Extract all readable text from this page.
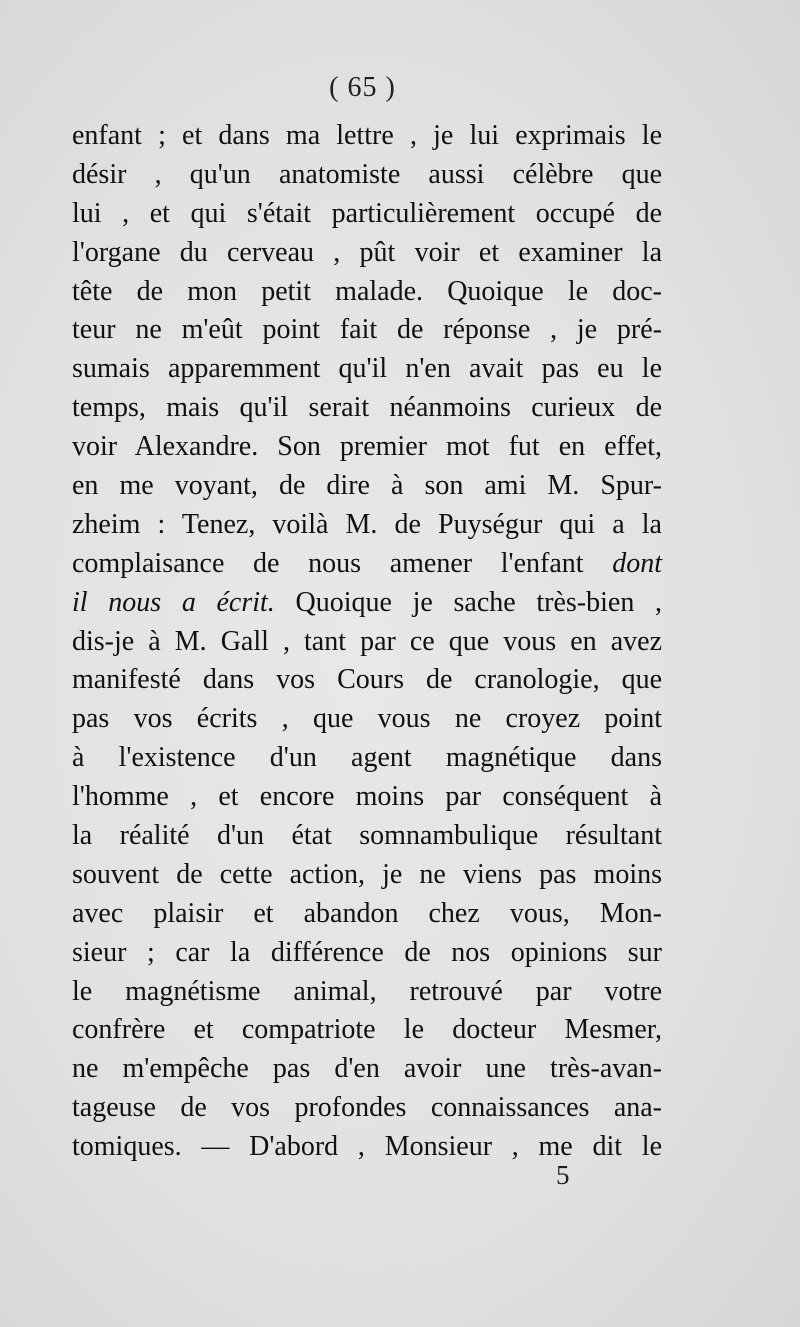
( 65 )
enfant ; et dans ma lettre , je lui exprimais le
désir , qu'un anatomiste aussi célèbre que
lui , et qui s'était particulièrement occupé de
l'organe du cerveau , pût voir et examiner la
tête de mon petit malade. Quoique le doc-
teur ne m'eût point fait de réponse , je pré-
sumais apparemment qu'il n'en avait pas eu le
temps, mais qu'il serait néanmoins curieux de
voir Alexandre. Son premier mot fut en effet,
en me voyant, de dire à son ami M. Spur-
zheim : Tenez, voilà M. de Puységur qui a la
complaisance de nous amener l'enfant dont
il nous a écrit. Quoique je sache très-bien ,
dis-je à M. Gall , tant par ce que vous en avez
manifesté dans vos Cours de cranologie, que
pas vos écrits , que vous ne croyez point
à l'existence d'un agent magnétique dans
l'homme , et encore moins par conséquent à
la réalité d'un état somnambulique résultant
souvent de cette action, je ne viens pas moins
avec plaisir et abandon chez vous, Mon-
sieur ; car la différence de nos opinions sur
le magnétisme animal, retrouvé par votre
confrère et compatriote le docteur Mesmer,
ne m'empêche pas d'en avoir une très-avan-
tageuse de vos profondes connaissances ana-
tomiques. — D'abord , Monsieur , me dit le
5
